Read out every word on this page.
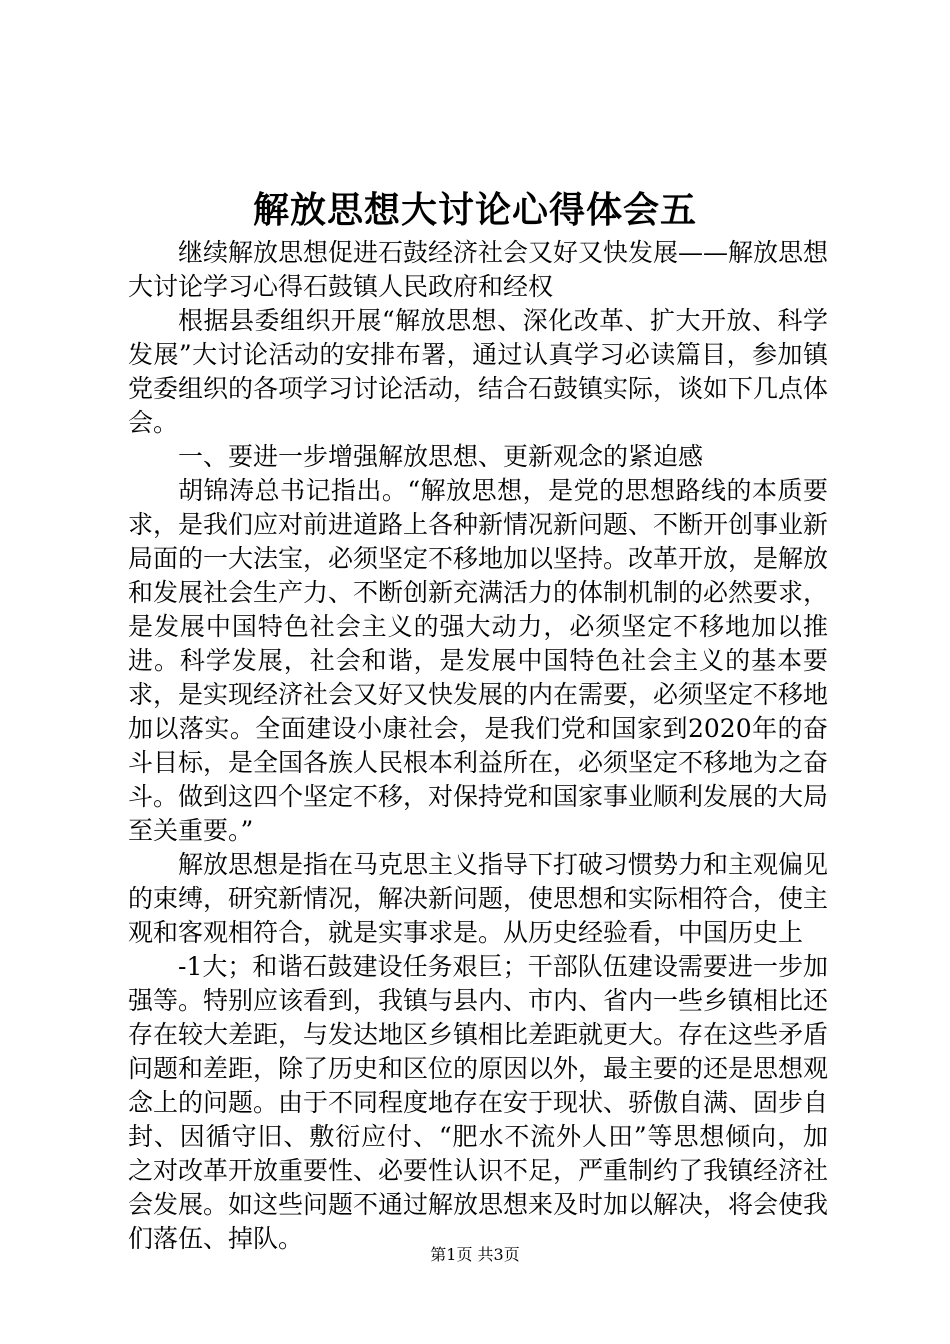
解放思想大讨论心得体会五

继续解放思想促进石鼓经济社会又好又快发展——解放思想大讨论学习心得石鼓镇人民政府和经权

根据县委组织开展“解放思想、深化改革、扩大开放、科学发展”大讨论活动的安排布署，通过认真学习必读篇目，参加镇党委组织的各项学习讨论活动，结合石鼓镇实际，谈如下几点体会。

一、要进一步增强解放思想、更新观念的紧迫感

胡锦涛总书记指出。“解放思想，是党的思想路线的本质要求，是我们应对前进道路上各种新情况新问题、不断开创事业新局面的一大法宝，必须坚定不移地加以坚持。改革开放，是解放和发展社会生产力、不断创新充满活力的体制机制的必然要求，是发展中国特色社会主义的强大动力，必须坚定不移地加以推进。科学发展，社会和谐，是发展中国特色社会主义的基本要求，是实现经济社会又好又快发展的内在需要，必须坚定不移地加以落实。全面建设小康社会，是我们党和国家到2020年的奋斗目标，是全国各族人民根本利益所在，必须坚定不移地为之奋斗。做到这四个坚定不移，对保持党和国家事业顺利发展的大局至关重要。”

解放思想是指在马克思主义指导下打破习惯势力和主观偏见的束缚，研究新情况，解决新问题，使思想和实际相符合，使主观和客观相符合，就是实事求是。从历史经验看，中国历史上

-1大；和谐石鼓建设任务艰巨；干部队伍建设需要进一步加强等。特别应该看到，我镇与县内、市内、省内一些乡镇相比还存在较大差距，与发达地区乡镇相比差距就更大。存在这些矛盾问题和差距，除了历史和区位的原因以外，最主要的还是思想观念上的问题。由于不同程度地存在安于现状、骄傲自满、固步自封、因循守旧、敷衍应付、“肥水不流外人田”等思想倾向，加之对改革开放重要性、必要性认识不足，严重制约了我镇经济社会发展。如这些问题不通过解放思想来及时加以解决，将会使我们落伍、掉队。

第1页 共3页
